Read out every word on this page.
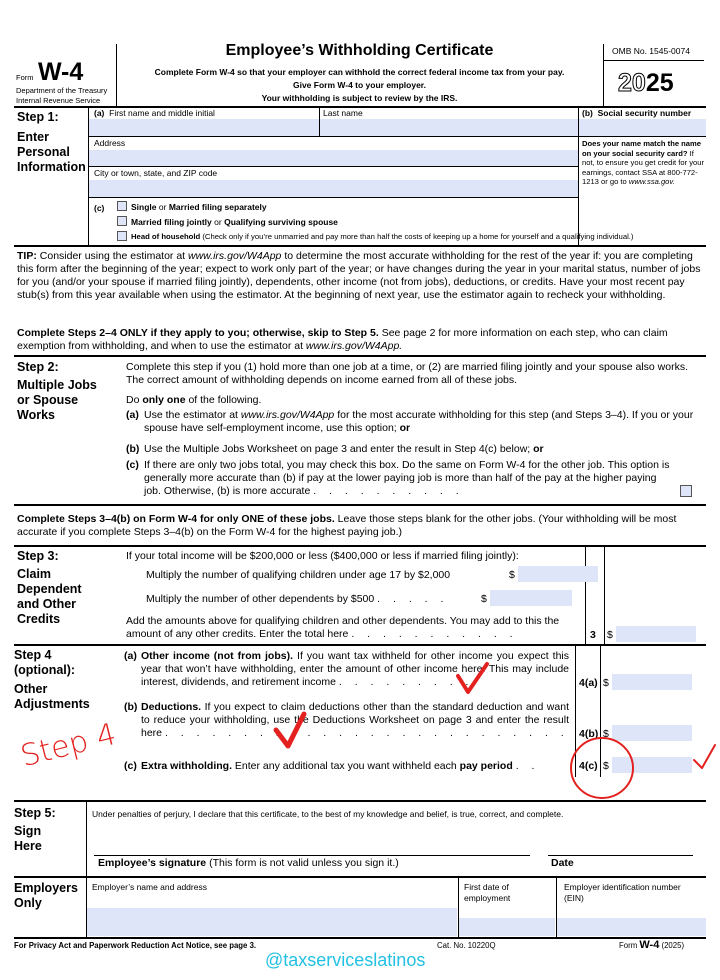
Form W-4
Department of the Treasury
Internal Revenue Service
Employee’s Withholding Certificate
Complete Form W-4 so that your employer can withhold the correct federal income tax from your pay.
Give Form W-4 to your employer.
Your withholding is subject to review by the IRS.
OMB No. 1545-0074
2025
Step 1:
Enter Personal Information
(a) First name and middle initial	Last name	(b) Social security number
Address
City or town, state, and ZIP code
Does your name match the name on your social security card? If not, to ensure you get credit for your earnings, contact SSA at 800-772-1213 or go to www.ssa.gov.
(c)	Single or Married filing separately
Married filing jointly or Qualifying surviving spouse
Head of household (Check only if you’re unmarried and pay more than half the costs of keeping up a home for yourself and a qualifying individual.)
TIP: Consider using the estimator at www.irs.gov/W4App to determine the most accurate withholding for the rest of the year if: you are completing this form after the beginning of the year; expect to work only part of the year; or have changes during the year in your marital status, number of jobs for you (and/or your spouse if married filing jointly), dependents, other income (not from jobs), deductions, or credits. Have your most recent pay stub(s) from this year available when using the estimator. At the beginning of next year, use the estimator again to recheck your withholding.
Complete Steps 2–4 ONLY if they apply to you; otherwise, skip to Step 5. See page 2 for more information on each step, who can claim exemption from withholding, and when to use the estimator at www.irs.gov/W4App.
Step 2:
Multiple Jobs or Spouse Works
Complete this step if you (1) hold more than one job at a time, or (2) are married filing jointly and your spouse also works. The correct amount of withholding depends on income earned from all of these jobs.
Do only one of the following.
(a) Use the estimator at www.irs.gov/W4App for the most accurate withholding for this step (and Steps 3–4). If you or your spouse have self-employment income, use this option; or
(b) Use the Multiple Jobs Worksheet on page 3 and enter the result in Step 4(c) below; or
(c) If there are only two jobs total, you may check this box. Do the same on Form W-4 for the other job. This option is generally more accurate than (b) if pay at the lower paying job is more than half of the pay at the higher paying job. Otherwise, (b) is more accurate . . . . . . . . . .
Complete Steps 3–4(b) on Form W-4 for only ONE of these jobs. Leave those steps blank for the other jobs. (Your withholding will be most accurate if you complete Steps 3–4(b) on the Form W-4 for the highest paying job.)
Step 3:
Claim Dependent and Other Credits
If your total income will be $200,000 or less ($400,000 or less if married filing jointly):
Multiply the number of qualifying children under age 17 by $2,000	$
Multiply the number of other dependents by $500 . . . . .	$
Add the amounts above for qualifying children and other dependents. You may add to this the amount of any other credits. Enter the total here . . . . . . . . . . .	3 $
Step 4 (optional):
Other Adjustments
(a) Other income (not from jobs). If you want tax withheld for other income you expect this year that won’t have withholding, enter the amount of other income here. This may include interest, dividends, and retirement income . . . . . . . . .	4(a) $
(b) Deductions. If you expect to claim deductions other than the standard deduction and want to reduce your withholding, use the Deductions Worksheet on page 3 and enter the result here . . . . . . . . . . . . . . . . . . . . . . . . . . 4(b) $
(c) Extra withholding. Enter any additional tax you want withheld each pay period . .	4(c) $
Step 5:
Sign Here
Under penalties of perjury, I declare that this certificate, to the best of my knowledge and belief, is true, correct, and complete.
Employee’s signature (This form is not valid unless you sign it.)	Date
Employers Only
Employer’s name and address	First date of employment
Employer identification number (EIN)
For Privacy Act and Paperwork Reduction Act Notice, see page 3.	Cat. No. 10220Q	Form W-4 (2025)
@taxserviceslatinos
Step 4
